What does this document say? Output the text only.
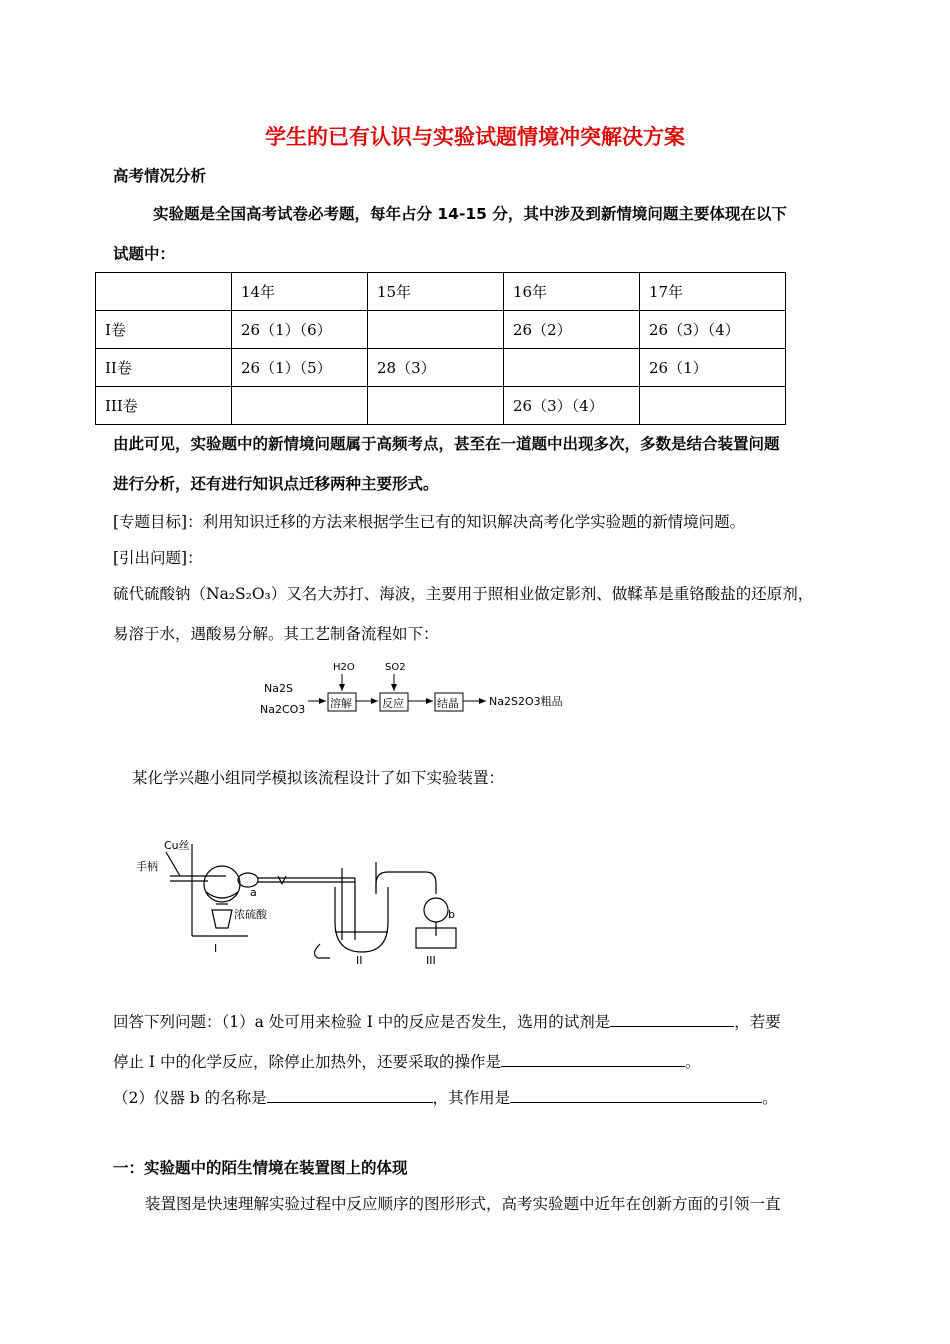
学生的已有认识与实验试题情境冲突解决方案
高考情况分析
实验题是全国高考试卷必考题，每年占分 14-15 分，其中涉及到新情境问题主要体现在以下
试题中：
	14年	15年	16年	17年
I卷	26（1）（6）		26（2）	26（3）（4）
II卷	26（1）（5）	28（3）		26（1）
III卷			26（3）（4）	
由此可见，实验题中的新情境问题属于高频考点，甚至在一道题中出现多次，多数是结合装置问题
进行分析，还有进行知识点迁移两种主要形式。
[专题目标]：利用知识迁移的方法来根据学生已有的知识解决高考化学实验题的新情境问题。
[引出问题]：
硫代硫酸钠（Na₂S₂O₃）又名大苏打、海波，主要用于照相业做定影剂、做鞣革是重铬酸盐的还原剂，
易溶于水，遇酸易分解。其工艺制备流程如下：
Na2S
Na2CO3 溶解
H2O
反应
SO2
结晶	Na2S2O3粗品
某化学兴趣小组同学模拟该流程设计了如下实验装置：
Cu丝
手柄
a
浓硫酸	b
I
II	III
回答下列问题：（1）a 处可用来检验 I 中的反应是否发生，选用的试剂是	，若要
停止 I 中的化学反应，除停止加热外，还要采取的操作是	。
（2）仪器 b 的名称是	，其作用是	。
一：实验题中的陌生情境在装置图上的体现
装置图是快速理解实验过程中反应顺序的图形形式，高考实验题中近年在创新方面的引领一直
